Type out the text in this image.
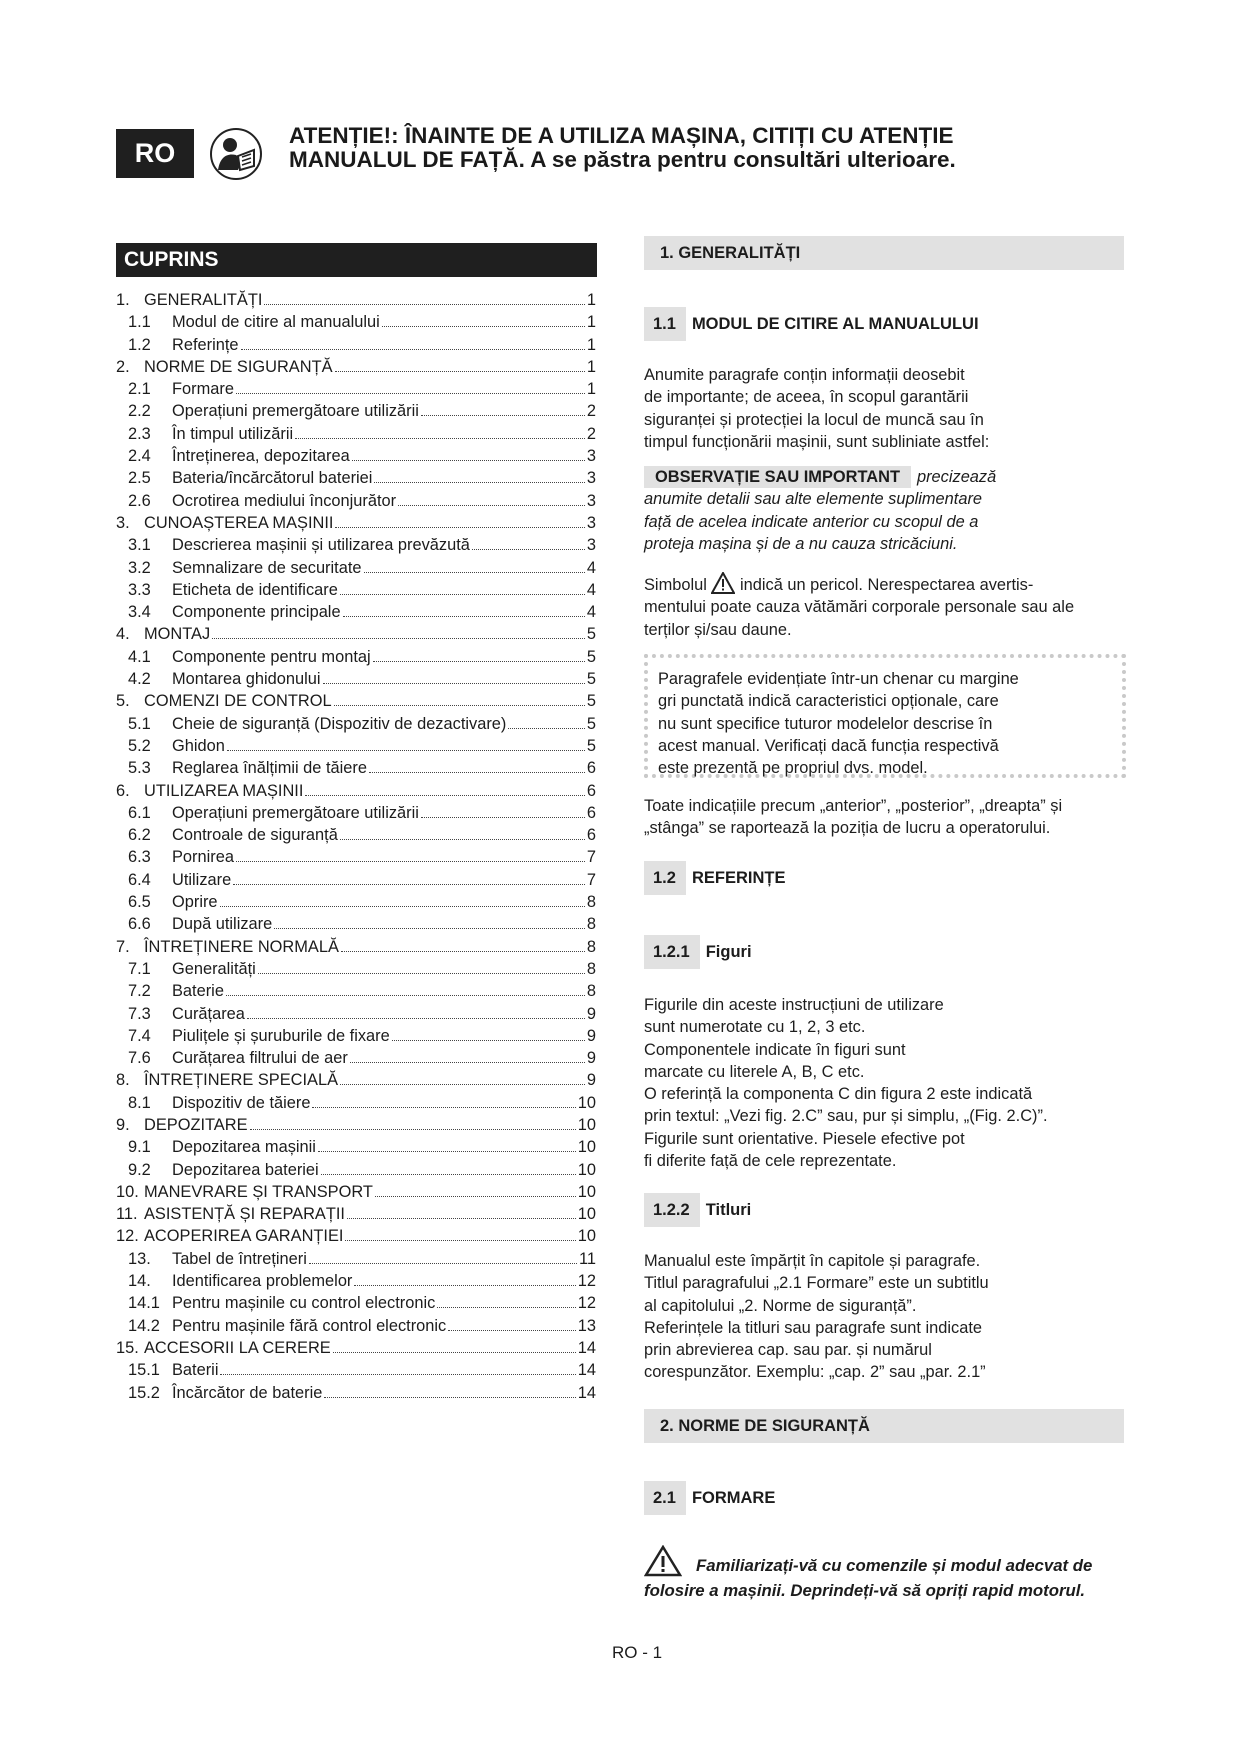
RO
ATENȚIE!: ÎNAINTE DE A UTILIZA MAȘINA, CITIȚI CU ATENȚIE
MANUALUL DE FAȚĂ. A se păstra pentru consultări ulterioare.
CUPRINS
1. GENERALITĂȚI	1
1.1 Modul de citire al manualului	1
1.2 Referințe	1
2. NORME DE SIGURANȚĂ	1
2.1 Formare	1
2.2 Operațiuni premergătoare utilizării	2
2.3 În timpul utilizării	2
2.4 Întreținerea, depozitarea	3
2.5 Bateria/încărcătorul bateriei	3
2.6 Ocrotirea mediului înconjurător	3
3. CUNOAȘTEREA MAȘINII	3
3.1 Descrierea mașinii și utilizarea prevăzută	3
3.2 Semnalizare de securitate	4
3.3 Eticheta de identificare	4
3.4 Componente principale	4
4. MONTAJ	5
4.1 Componente pentru montaj	5
4.2 Montarea ghidonului	5
5. COMENZI DE CONTROL	5
5.1 Cheie de siguranță (Dispozitiv de dezactivare)	5
5.2 Ghidon	5
5.3 Reglarea înălțimii de tăiere	6
6. UTILIZAREA MAȘINII	6
6.1 Operațiuni premergătoare utilizării	6
6.2 Controale de siguranță	6
6.3 Pornirea	7
6.4 Utilizare	7
6.5 Oprire	8
6.6 După utilizare	8
7. ÎNTREȚINERE NORMALĂ	8
7.1 Generalități	8
7.2 Baterie	8
7.3 Curățarea	9
7.4 Piulițele și șuruburile de fixare	9
7.6 Curățarea filtrului de aer	9
8. ÎNTREȚINERE SPECIALĂ	9
8.1 Dispozitiv de tăiere	10
9. DEPOZITARE	10
9.1 Depozitarea mașinii	10
9.2 Depozitarea bateriei	10
10. MANEVRARE ȘI TRANSPORT	10
11. ASISTENȚĂ ȘI REPARAȚII	10
12. ACOPERIREA GARANȚIEI	10
13. Tabel de întrețineri	11
14. Identificarea problemelor	12
14.1 Pentru mașinile cu control electronic	12
14.2 Pentru mașinile fără control electronic	13
15. ACCESORII LA CERERE	14
15.1 Baterii	14
15.2 Încărcător de baterie	14
1. GENERALITĂȚI
1.1 MODUL DE CITIRE AL MANUALULUI
Anumite paragrafe conțin informații deosebit
de importante; de aceea, în scopul garantării
siguranței și protecției la locul de muncă sau în
timpul funcționării mașinii, sunt subliniate astfel:
OBSERVAȚIE SAU IMPORTANT precizează
anumite detalii sau alte elemente suplimentare
față de acelea indicate anterior cu scopul de a
proteja mașina și de a nu cauza stricăciuni.
Simbolul indică un pericol. Nerespectarea avertis-
mentului poate cauza vătămări corporale personale sau ale
terților și/sau daune.
Paragrafele evidențiate într-un chenar cu margine
gri punctată indică caracteristici opționale, care
nu sunt specifice tuturor modelelor descrise în
acest manual. Verificați dacă funcția respectivă
este prezentă pe propriul dvs. model.
Toate indicațiile precum „anterior”, „posterior”, „dreapta” și
„stânga” se raportează la poziția de lucru a operatorului.
1.2 REFERINȚE
1.2.1 Figuri
Figurile din aceste instrucțiuni de utilizare
sunt numerotate cu 1, 2, 3 etc.
Componentele indicate în figuri sunt
marcate cu literele A, B, C etc.
O referință la componenta C din figura 2 este indicată
prin textul: „Vezi fig. 2.C” sau, pur și simplu, „(Fig. 2.C)”.
Figurile sunt orientative. Piesele efective pot
fi diferite față de cele reprezentate.
1.2.2 Titluri
Manualul este împărțit în capitole și paragrafe.
Titlul paragrafului „2.1 Formare” este un subtitlu
al capitolului „2. Norme de siguranță”.
Referințele la titluri sau paragrafe sunt indicate
prin abrevierea cap. sau par. și numărul
corespunzător. Exemplu: „cap. 2” sau „par. 2.1”
2. NORME DE SIGURANȚĂ
2.1 FORMARE
Familiarizați-vă cu comenzile și modul adecvat de
folosire a mașinii. Deprindeți-vă să opriți rapid motorul.
RO - 1
